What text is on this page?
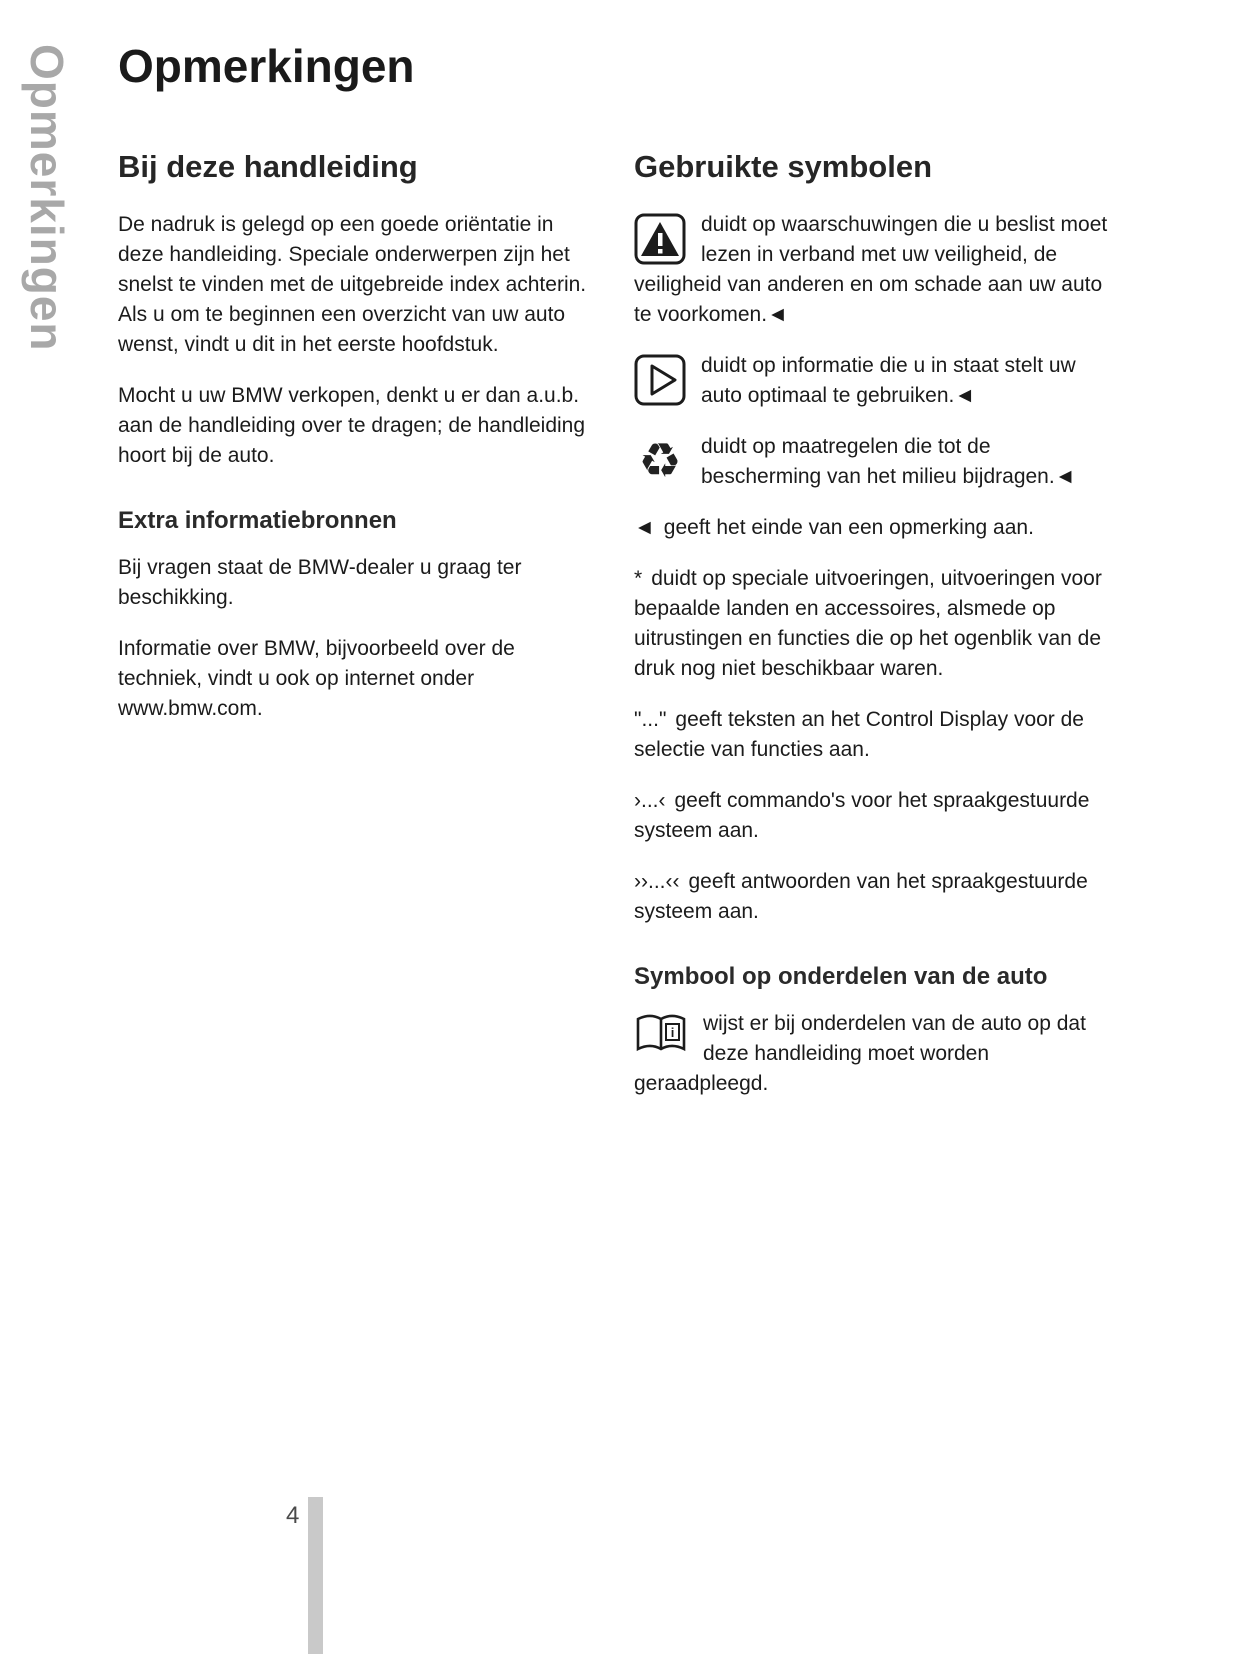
Opmerkingen Opmerkingen
Bij deze handleiding

De nadruk is gelegd op een goede oriëntatie in deze handleiding. Speciale onderwerpen zijn het snelst te vinden met de uitgebreide index achterin. Als u om te beginnen een overzicht van uw auto wenst, vindt u dit in het eerste hoofdstuk.

Mocht u uw BMW verkopen, denkt u er dan a.u.b. aan de handleiding over te dragen; de handleiding hoort bij de auto.

Extra informatiebronnen

Bij vragen staat de BMW-dealer u graag ter beschikking.

Informatie over BMW, bijvoorbeeld over de techniek, vindt u ook op internet onder www.bmw.com.

Gebruikte symbolen
duidt op waarschuwingen die u beslist moet lezen in verband met uw veiligheid, de veiligheid van anderen en om schade aan uw auto te voorkomen.◄
duidt op informatie die u in staat stelt uw auto optimaal te gebruiken.◄
♻ duidt op maatregelen die tot de bescherming van het milieu bijdragen.◄

◄ geeft het einde van een opmerking aan.

* duidt op speciale uitvoeringen, uitvoeringen voor bepaalde landen en accessoires, alsmede op uitrustingen en functies die op het ogenblik van de druk nog niet beschikbaar waren.

"..." geeft teksten an het Control Display voor de selectie van functies aan.

›...‹ geeft commando's voor het spraakgestuurde systeem aan.

››...‹‹ geeft antwoorden van het spraakgestuurde systeem aan.

Symbool op onderdelen van de auto
i wijst er bij onderdelen van de auto op dat deze handleiding moet worden geraadpleegd.
4
